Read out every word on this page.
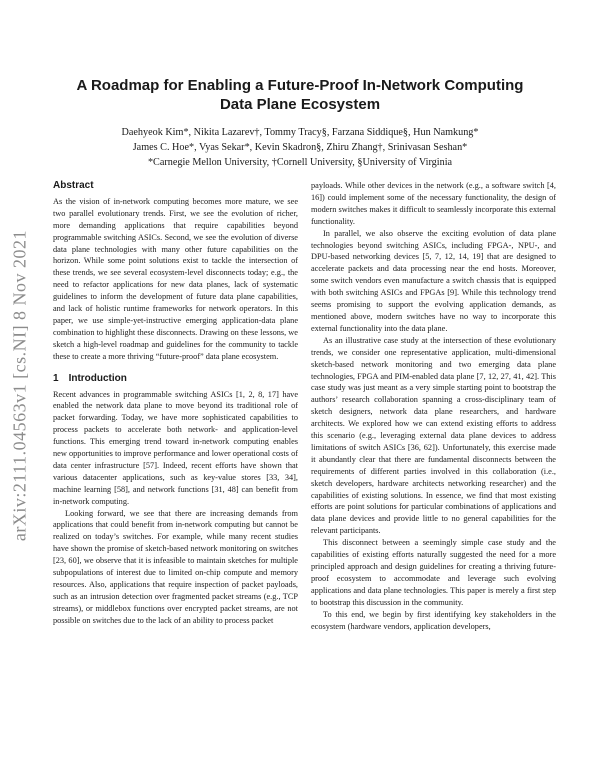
arXiv:2111.04563v1 [cs.NI] 8 Nov 2021
A Roadmap for Enabling a Future-Proof In-Network Computing
Data Plane Ecosystem
Daehyeok Kim*, Nikita Lazarev†, Tommy Tracy§, Farzana Siddique§, Hun Namkung*
James C. Hoe*, Vyas Sekar*, Kevin Skadron§, Zhiru Zhang†, Srinivasan Seshan*
*Carnegie Mellon University, †Cornell University, §University of Virginia
Abstract

As the vision of in-network computing becomes more mature, we see two parallel evolutionary trends. First, we see the evolution of richer, more demanding applications that require capabilities beyond programmable switching ASICs. Second, we see the evolution of diverse data plane technologies with many other future capabilities on the horizon. While some point solutions exist to tackle the intersection of these trends, we see several ecosystem-level disconnects today; e.g., the need to refactor applications for new data planes, lack of systematic guidelines to inform the development of future data plane capabilities, and lack of holistic runtime frameworks for network operators. In this paper, we use simple-yet-instructive emerging application-data plane combination to highlight these disconnects. Drawing on these lessons, we sketch a high-level roadmap and guidelines for the community to tackle these to create a more thriving “future-proof” data plane ecosystem.

1 Introduction

Recent advances in programmable switching ASICs [1, 2, 8, 17] have enabled the network data plane to move beyond its traditional role of packet forwarding. Today, we have more sophisticated capabilities to process packets to accelerate both network- and application-level functions. This emerging trend toward in-network computing enables new opportunities to improve performance and lower operational costs of data center infrastructure [57]. Indeed, recent efforts have shown that various datacenter applications, such as key-value stores [33, 34], machine learning [58], and network functions [31, 48] can benefit from in-network computing.

Looking forward, we see that there are increasing demands from applications that could benefit from in-network computing but cannot be realized on today’s switches. For example, while many recent studies have shown the promise of sketch-based network monitoring on switches [23, 60], we observe that it is infeasible to maintain sketches for multiple subpopulations of interest due to limited on-chip compute and memory resources. Also, applications that require inspection of packet payloads, such as an intrusion detection over fragmented packet streams (e.g., TCP streams), or middlebox functions over encrypted packet streams, are not possible on switches due to the lack of an ability to process packet

payloads. While other devices in the network (e.g., a software switch [4, 16]) could implement some of the necessary functionality, the design of modern switches makes it difficult to seamlessly incorporate this external functionality.

In parallel, we also observe the exciting evolution of data plane technologies beyond switching ASICs, including FPGA-, NPU-, and DPU-based networking devices [5, 7, 12, 14, 19] that are designed to accelerate packets and data processing near the end hosts. Moreover, some switch vendors even manufacture a switch chassis that is equipped with both switching ASICs and FPGAs [9]. While this technology trend seems promising to support the evolving application demands, as mentioned above, modern switches have no way to incorporate this external functionality into the data plane.

As an illustrative case study at the intersection of these evolutionary trends, we consider one representative application, multi-dimensional sketch-based network monitoring and two emerging data plane technologies, FPGA and PIM-enabled data plane [7, 12, 27, 41, 42]. This case study was just meant as a very simple starting point to bootstrap the authors’ research collaboration spanning a cross-disciplinary team of sketch designers, network data plane researchers, and hardware architects. We explored how we can extend existing efforts to address this scenario (e.g., leveraging external data plane devices to address limitations of switch ASICs [36, 62]). Unfortunately, this exercise made it abundantly clear that there are fundamental disconnects between the requirements of different parties involved in this collaboration (i.e., sketch developers, hardware architects networking researcher) and the capabilities of existing solutions. In essence, we find that most existing efforts are point solutions for particular combinations of applications and data plane devices and provide little to no general capabilities for the relevant participants.

This disconnect between a seemingly simple case study and the capabilities of existing efforts naturally suggested the need for a more principled approach and design guidelines for creating a thriving future-proof ecosystem to accommodate and leverage such evolving applications and data plane technologies. This paper is merely a first step to bootstrap this discussion in the community.

To this end, we begin by first identifying key stakeholders in the ecosystem (hardware vendors, application developers,
